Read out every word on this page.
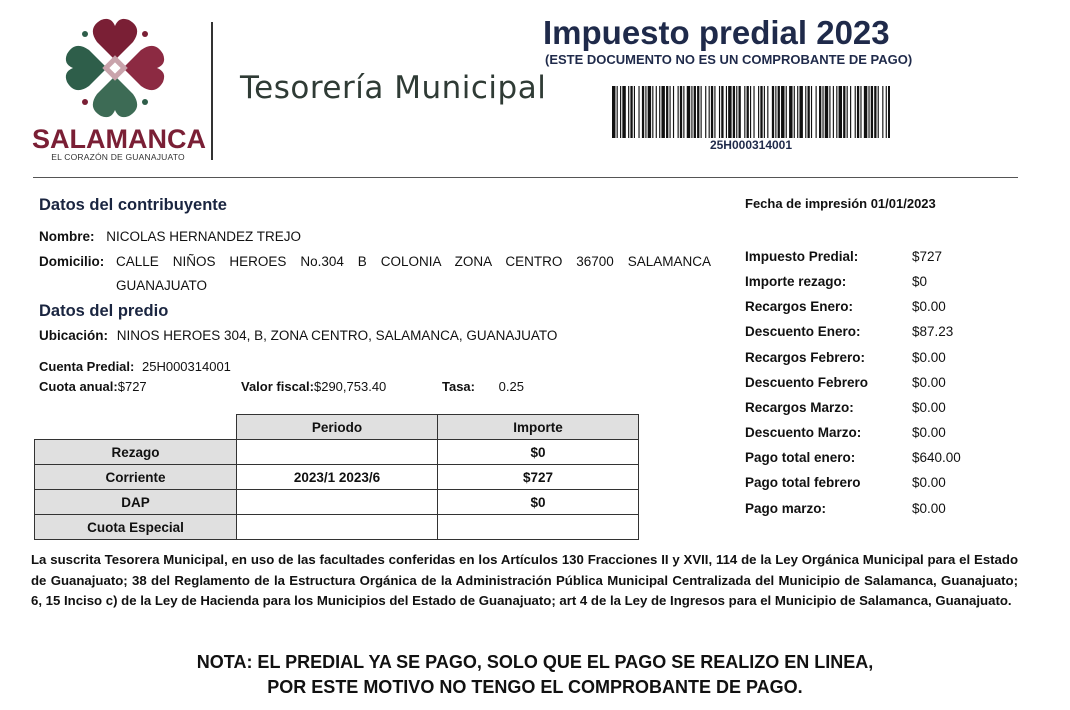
SALAMANCA
EL CORAZÓN DE GUANAJUATO
Tesorería Municipal
Impuesto predial 2023
(ESTE DOCUMENTO NO ES UN COMPROBANTE DE PAGO)
25H000314001
Datos del contribuyente
Nombre: NICOLAS HERNANDEZ TREJO
Domicilio: CALLE NIÑOS HEROES No.304 B COLONIA ZONA CENTRO 36700 SALAMANCA
GUANAJUATO
Datos del predio
Ubicación: NINOS HEROES 304, B, ZONA CENTRO, SALAMANCA, GUANAJUATO
Cuenta Predial: 25H000314001
Cuota anual:$727	Valor fiscal:$290,753.40	Tasa: 0.25
	Periodo	Importe
Rezago		$0
Corriente	2023/1 2023/6	$727
DAP		$0
Cuota Especial		
Fecha de impresión 01/01/2023
Impuesto Predial:	$727
Importe rezago:	$0
Recargos Enero:	$0.00
Descuento Enero:	$87.23
Recargos Febrero:	$0.00
Descuento Febrero	$0.00
Recargos Marzo:	$0.00
Descuento Marzo:	$0.00
Pago total enero:	$640.00
Pago total febrero	$0.00
Pago marzo:	$0.00
La suscrita Tesorera Municipal, en uso de las facultades conferidas en los Artículos 130 Fracciones II y XVII, 114 de la Ley Orgánica Municipal para el Estado de Guanajuato; 38 del Reglamento de la Estructura Orgánica de la Administración Pública Municipal Centralizada del Municipio de Salamanca, Guanajuato; 6, 15 Inciso c) de la Ley de Hacienda para los Municipios del Estado de Guanajuato; art 4 de la Ley de Ingresos para el Municipio de Salamanca, Guanajuato.
NOTA: EL PREDIAL YA SE PAGO, SOLO QUE EL PAGO SE REALIZO EN LINEA,
POR ESTE MOTIVO NO TENGO EL COMPROBANTE DE PAGO.
